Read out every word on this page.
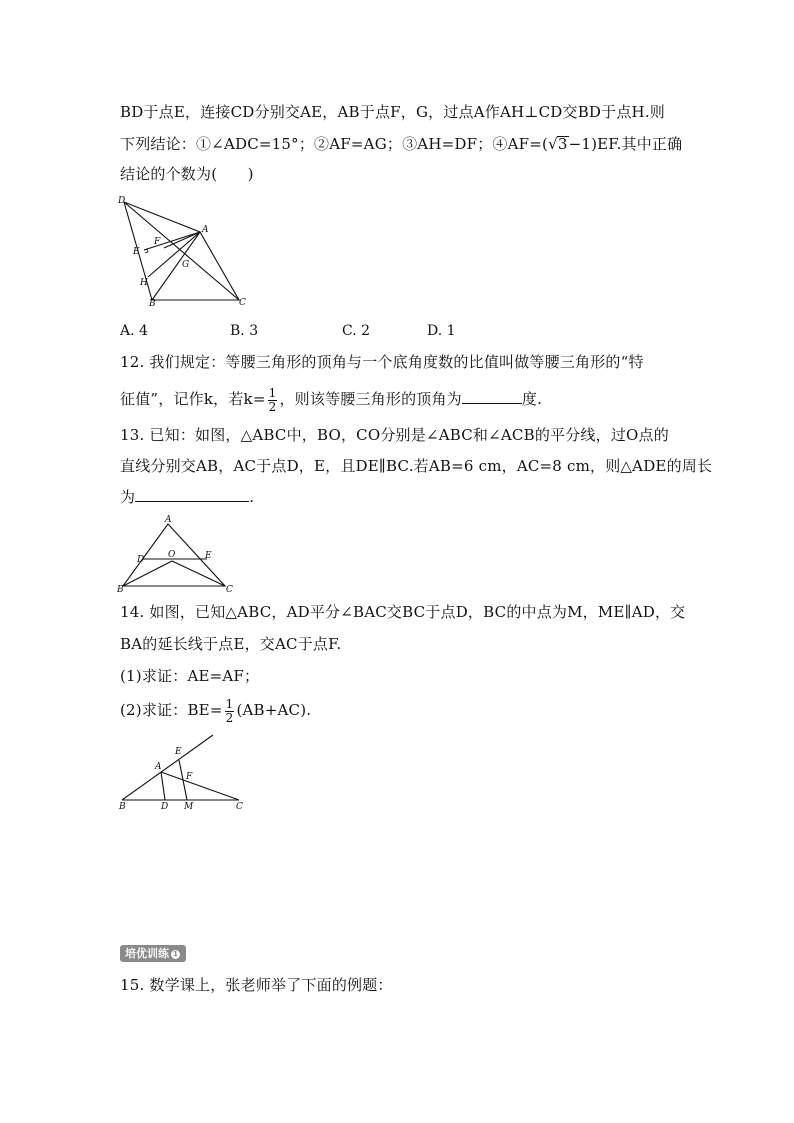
BD于点E，连接CD分别交AE，AB于点F，G，过点A作AH⊥CD交BD于点H.则
下列结论：①∠ADC=15°；②AF=AG；③AH=DF；④AF=(√3−1)EF.其中正确
结论的个数为(　　)
D
A
F
E
G
H
B	C
A. 4	B. 3	C. 2	D. 1
12. 我们规定：等腰三角形的顶角与一个底角度数的比值叫做等腰三角形的“特
征值”，记作k，若$k= \frac{1}{2}$ ，则该等腰三角形的顶角为	度.
13. 已知：如图，△ABC中，BO，CO分别是∠ABC和∠ACB的平分线，过O点的
直线分别交AB，AC于点D，E，且DE∥BC.若AB=6 cm，AC=8 cm，则△ADE的周长
为	.
A
D	O	E
B	C
14. 如图，已知△ABC，AD平分∠BAC交BC于点D，BC的中点为M，ME∥AD，交
BA的延长线于点E，交AC于点F.
(1)求证：AE=AF；
(2)求证：$BE= \frac{1}{2} (AB+AC)$.
E
A
F
B	D M	C
培优训练 1
15. 数学课上，张老师举了下面的例题：
